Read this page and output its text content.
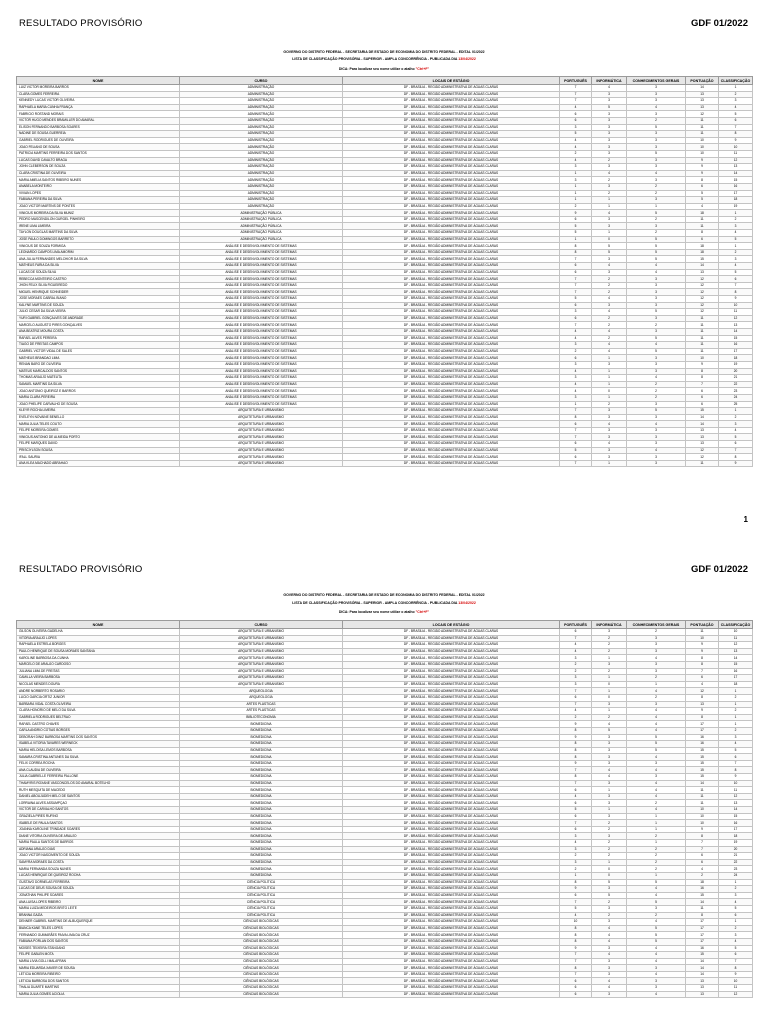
RESULTADO PROVISÓRIO	GDF 01/2022
GOVERNO DO DISTRITO FEDERAL - SECRETARIA DE ESTADO DE ECONOMIA DO DISTRITO FEDERAL - EDITAL 01/2022
LISTA DE CLASSIFICAÇÃO PROVISÓRIA - SUPERIOR - AMPLA CONCORRÊNCIA - PUBLICADA DIA 13/04/2022
DICA: Para localizar seu nome utilize o atalho "Ctrl+F"
NOME	CURSO	LOCAIS DE ESTÁGIO	PORTUGUÊS	INFORMÁTICA	CONHECIMENTOS GERAIS	PONTUAÇÃO	CLASSIFICAÇÃO
LUIZ VICTOR MOREIRA BARROS	ADMINISTRAÇÃO	DF - BRASÍLIA - REGIÃO ADMINISTRATIVA DE ÁGUAS CLARAS	7	4	3	14	1
CLARA GOMES FERREIRA	ADMINISTRAÇÃO	DF - BRASÍLIA - REGIÃO ADMINISTRATIVA DE ÁGUAS CLARAS	7	3	3	13	2
KENNEDY LUCAS VICTOR OLIVEIRA	ADMINISTRAÇÃO	DF - BRASÍLIA - REGIÃO ADMINISTRATIVA DE ÁGUAS CLARAS	7	3	3	13	3
RAPHAELA MARIA CUNHA FRANÇA	ADMINISTRAÇÃO	DF - BRASÍLIA - REGIÃO ADMINISTRATIVA DE ÁGUAS CLARAS	4	5	4	13	4
FABRICIO ROSTAND MORAIS	ADMINISTRAÇÃO	DF - BRASÍLIA - REGIÃO ADMINISTRATIVA DE ÁGUAS CLARAS	6	3	3	12	5
VICTOR HUGO MENDES BRAMILLER DO AMARAL	ADMINISTRAÇÃO	DF - BRASÍLIA - REGIÃO ADMINISTRATIVA DE ÁGUAS CLARAS	6	3	2	11	6
ELISON FERNANDO BARBOSA SOARES	ADMINISTRAÇÃO	DF - BRASÍLIA - REGIÃO ADMINISTRATIVA DE ÁGUAS CLARAS	3	3	5	11	7
NADINE DE SOUSA GUERREIA	ADMINISTRAÇÃO	DF - BRASÍLIA - REGIÃO ADMINISTRATIVA DE ÁGUAS CLARAS	5	3	3	11	8
GABRIEL RODRIGUES DE OLIVEIRA	ADMINISTRAÇÃO	DF - BRASÍLIA - REGIÃO ADMINISTRATIVA DE ÁGUAS CLARAS	4	3	3	10	9
JOAO FELIANO DE SOUSA	ADMINISTRAÇÃO	DF - BRASÍLIA - REGIÃO ADMINISTRATIVA DE ÁGUAS CLARAS	4	3	3	10	10
PATRICIA MARTINS FERREIRA DOS SANTOS	ADMINISTRAÇÃO	DF - BRASÍLIA - REGIÃO ADMINISTRATIVA DE ÁGUAS CLARAS	2	3	5	10	11
LUCAS DAVID CAVALTO BRAGA	ADMINISTRAÇÃO	DF - BRASÍLIA - REGIÃO ADMINISTRATIVA DE ÁGUAS CLARAS	4	2	3	9	12
JOHN CLEBERSON DE SOUZA	ADMINISTRAÇÃO	DF - BRASÍLIA - REGIÃO ADMINISTRATIVA DE ÁGUAS CLARAS	3	3	3	9	13
CLARA CRISTINA DE OLIVEIRA	ADMINISTRAÇÃO	DF - BRASÍLIA - REGIÃO ADMINISTRATIVA DE ÁGUAS CLARAS	1	4	4	9	14
MARIA AMELIA SANTOS RIBEIRO NUNES	ADMINISTRAÇÃO	DF - BRASÍLIA - REGIÃO ADMINISTRATIVA DE ÁGUAS CLARAS	3	2	3	8	15
ANABELA MONTEIRO	ADMINISTRAÇÃO	DF - BRASÍLIA - REGIÃO ADMINISTRATIVA DE ÁGUAS CLARAS	1	3	2	6	16
VIVIAN LOPES	ADMINISTRAÇÃO	DF - BRASÍLIA - REGIÃO ADMINISTRATIVA DE ÁGUAS CLARAS	1	2	2	5	17
FABIANA PEREIRA DA SILVA	ADMINISTRAÇÃO	DF - BRASÍLIA - REGIÃO ADMINISTRATIVA DE ÁGUAS CLARAS	1	1	3	5	18
JOAO VICTOR MARTINS DE PONTES	ADMINISTRAÇÃO	DF - BRASÍLIA - REGIÃO ADMINISTRATIVA DE ÁGUAS CLARAS	2	1	1	4	19
VINICIUS MOREIRA DA SILVA MUNIZ	ADMINISTRAÇÃO PÚBLICA	DF - BRASÍLIA - REGIÃO ADMINISTRATIVA DE ÁGUAS CLARAS	9	4	5	18	1
PEDRO MASCENDILON GURGEL PINHEIRO	ADMINISTRAÇÃO PÚBLICA	DF - BRASÍLIA - REGIÃO ADMINISTRATIVA DE ÁGUAS CLARAS	6	3	2	11	2
IRENE LIMA LIMEIRA	ADMINISTRAÇÃO PÚBLICA	DF - BRASÍLIA - REGIÃO ADMINISTRATIVA DE ÁGUAS CLARAS	5	3	3	11	3
TAYLON DOUGLAS MARTINS DA SILVA	ADMINISTRAÇÃO PÚBLICA	DF - BRASÍLIA - REGIÃO ADMINISTRATIVA DE ÁGUAS CLARAS	5	1	2	8	4
JOSE PAULO DOMINGOS BARRETO	ADMINISTRAÇÃO PÚBLICA	DF - BRASÍLIA - REGIÃO ADMINISTRATIVA DE ÁGUAS CLARAS	1	0	5	6	5
VINICIUS DE SOUZA FORMIGA	ANÁLISE E DESENVOLVIMENTO DE SISTEMAS	DF - BRASÍLIA - REGIÃO ADMINISTRATIVA DE ÁGUAS CLARAS	8	5	5	18	1
LEONARDO CAMPOS LIMA AMORIM	ANÁLISE E DESENVOLVIMENTO DE SISTEMAS	DF - BRASÍLIA - REGIÃO ADMINISTRATIVA DE ÁGUAS CLARAS	8	5	5	18	2
ANA JULIA FERNANDES MELCHIOR DA SILVA	ANÁLISE E DESENVOLVIMENTO DE SISTEMAS	DF - BRASÍLIA - REGIÃO ADMINISTRATIVA DE ÁGUAS CLARAS	7	3	5	15	3
MATHEUS FARIA DA SILVA	ANÁLISE E DESENVOLVIMENTO DE SISTEMAS	DF - BRASÍLIA - REGIÃO ADMINISTRATIVA DE ÁGUAS CLARAS	6	4	4	14	4
LUCAS DE SOUZA SILVA	ANÁLISE E DESENVOLVIMENTO DE SISTEMAS	DF - BRASÍLIA - REGIÃO ADMINISTRATIVA DE ÁGUAS CLARAS	6	3	4	13	5
REBECCA MONTEIRO CASTRO	ANÁLISE E DESENVOLVIMENTO DE SISTEMAS	DF - BRASÍLIA - REGIÃO ADMINISTRATIVA DE ÁGUAS CLARAS	7	2	3	12	6
JHON FELIX SILVA FIGUEIREDO	ANÁLISE E DESENVOLVIMENTO DE SISTEMAS	DF - BRASÍLIA - REGIÃO ADMINISTRATIVA DE ÁGUAS CLARAS	7	2	3	12	7
MIGUEL HENRIQUE SCHNEIDER	ANÁLISE E DESENVOLVIMENTO DE SISTEMAS	DF - BRASÍLIA - REGIÃO ADMINISTRATIVA DE ÁGUAS CLARAS	7	2	3	12	8
JOSE MORAES CABRAL BIANO	ANÁLISE E DESENVOLVIMENTO DE SISTEMAS	DF - BRASÍLIA - REGIÃO ADMINISTRATIVA DE ÁGUAS CLARAS	5	4	3	12	9
KALYNE MARTINS DE SOUZA	ANÁLISE E DESENVOLVIMENTO DE SISTEMAS	DF - BRASÍLIA - REGIÃO ADMINISTRATIVA DE ÁGUAS CLARAS	6	3	3	12	10
JULIO CESAR DA SILVA VIEIRA	ANÁLISE E DESENVOLVIMENTO DE SISTEMAS	DF - BRASÍLIA - REGIÃO ADMINISTRATIVA DE ÁGUAS CLARAS	3	4	5	12	11
YURI GABRIEL GONÇALVES DE ANDRADE	ANÁLISE E DESENVOLVIMENTO DE SISTEMAS	DF - BRASÍLIA - REGIÃO ADMINISTRATIVA DE ÁGUAS CLARAS	6	2	3	11	12
MARCELO AUGUSTO PIRES GONÇALVES	ANÁLISE E DESENVOLVIMENTO DE SISTEMAS	DF - BRASÍLIA - REGIÃO ADMINISTRATIVA DE ÁGUAS CLARAS	7	2	2	11	13
ANA BEATRIZ MOURA COSTA	ANÁLISE E DESENVOLVIMENTO DE SISTEMAS	DF - BRASÍLIA - REGIÃO ADMINISTRATIVA DE ÁGUAS CLARAS	4	4	3	11	14
RAFAEL ALVES PEREIRA	ANÁLISE E DESENVOLVIMENTO DE SISTEMAS	DF - BRASÍLIA - REGIÃO ADMINISTRATIVA DE ÁGUAS CLARAS	4	2	5	11	15
TIAGO DE FREITAS CAMPOS	ANÁLISE E DESENVOLVIMENTO DE SISTEMAS	DF - BRASÍLIA - REGIÃO ADMINISTRATIVA DE ÁGUAS CLARAS	3	4	4	11	16
GABRIEL VICTOR VIDAL DE SALES	ANÁLISE E DESENVOLVIMENTO DE SISTEMAS	DF - BRASÍLIA - REGIÃO ADMINISTRATIVA DE ÁGUAS CLARAS	2	4	5	11	17
MATHEUS BRANDAO LIMA	ANÁLISE E DESENVOLVIMENTO DE SISTEMAS	DF - BRASÍLIA - REGIÃO ADMINISTRATIVA DE ÁGUAS CLARAS	6	1	3	10	18
RENAN BARO DE OLIVEIRA	ANÁLISE E DESENVOLVIMENTO DE SISTEMAS	DF - BRASÍLIA - REGIÃO ADMINISTRATIVA DE ÁGUAS CLARAS	3	3	3	9	19
MATEUS MARCALDOS SANTOS	ANÁLISE E DESENVOLVIMENTO DE SISTEMAS	DF - BRASÍLIA - REGIÃO ADMINISTRATIVA DE ÁGUAS CLARAS	4	1	3	8	20
THOMAS ARAÚJO MATEUTA	ANÁLISE E DESENVOLVIMENTO DE SISTEMAS	DF - BRASÍLIA - REGIÃO ADMINISTRATIVA DE ÁGUAS CLARAS	3	1	4	8	21
SAMUEL MARTINS DA SILVA	ANÁLISE E DESENVOLVIMENTO DE SISTEMAS	DF - BRASÍLIA - REGIÃO ADMINISTRATIVA DE ÁGUAS CLARAS	4	1	2	7	22
JOAO ANTONIO QUEIROZ E BARROS	ANÁLISE E DESENVOLVIMENTO DE SISTEMAS	DF - BRASÍLIA - REGIÃO ADMINISTRATIVA DE ÁGUAS CLARAS	4	0	2	6	23
MARIA CLARA PEREIRA	ANÁLISE E DESENVOLVIMENTO DE SISTEMAS	DF - BRASÍLIA - REGIÃO ADMINISTRATIVA DE ÁGUAS CLARAS	3	1	2	6	24
JOAO PHELIPE CARVALHO DE SOUSA	ANÁLISE E DESENVOLVIMENTO DE SISTEMAS	DF - BRASÍLIA - REGIÃO ADMINISTRATIVA DE ÁGUAS CLARAS	1	2	3	6	25
KLEYR ROCHA LIMEIRA	ARQUITETURA E URBANISMO	DF - BRASÍLIA - REGIÃO ADMINISTRATIVA DE ÁGUAS CLARAS	7	3	5	15	1
EVELEYN NOVAINE BENELLO	ARQUITETURA E URBANISMO	DF - BRASÍLIA - REGIÃO ADMINISTRATIVA DE ÁGUAS CLARAS	8	3	3	14	2
MARIA JULIA TELES COUTO	ARQUITETURA E URBANISMO	DF - BRASÍLIA - REGIÃO ADMINISTRATIVA DE ÁGUAS CLARAS	6	4	4	14	3
FELIPE MOREIRA GOMES	ARQUITETURA E URBANISMO	DF - BRASÍLIA - REGIÃO ADMINISTRATIVA DE ÁGUAS CLARAS	7	3	3	13	4
VINICIUS ANTONIO DE ALMEIDA PORTO	ARQUITETURA E URBANISMO	DF - BRASÍLIA - REGIÃO ADMINISTRATIVA DE ÁGUAS CLARAS	7	3	3	13	5
FELIPE MARQUES DAVID	ARQUITETURA E URBANISMO	DF - BRASÍLIA - REGIÃO ADMINISTRATIVA DE ÁGUAS CLARAS	6	4	3	13	6
PRISCIYLSON SOUSA	ARQUITETURA E URBANISMO	DF - BRASÍLIA - REGIÃO ADMINISTRATIVA DE ÁGUAS CLARAS	5	3	4	12	7
IFALL SAURIA	ARQUITETURA E URBANISMO	DF - BRASÍLIA - REGIÃO ADMINISTRATIVA DE ÁGUAS CLARAS	6	3	3	12	8
ANA KLEA MACHADO ABRAHAO	ARQUITETURA E URBANISMO	DF - BRASÍLIA - REGIÃO ADMINISTRATIVA DE ÁGUAS CLARAS	7	1	3	11	9
1
RESULTADO PROVISÓRIO	GDF 01/2022
GOVERNO DO DISTRITO FEDERAL - SECRETARIA DE ESTADO DE ECONOMIA DO DISTRITO FEDERAL - EDITAL 01/2022
LISTA DE CLASSIFICAÇÃO PROVISÓRIA - SUPERIOR - AMPLA CONCORRÊNCIA - PUBLICADA DIA 13/04/2022
DICA: Para localizar seu nome utilize o atalho "Ctrl+F"
NOME	CURSO	LOCAIS DE ESTÁGIO	PORTUGUÊS	INFORMÁTICA	CONHECIMENTOS GERAIS	PONTUAÇÃO	CLASSIFICAÇÃO
GILSON OLIVEIRA GADELHA	ARQUITETURA E URBANISMO	DF - BRASÍLIA - REGIÃO ADMINISTRATIVA DE ÁGUAS CLARAS	6	3	2	11	10
VITORIA ARAUJO LOPES	ARQUITETURA E URBANISMO	DF - BRASÍLIA - REGIÃO ADMINISTRATIVA DE ÁGUAS CLARAS	7	2	3	10	11
RAPHAELA ESTRELA BORGES	ARQUITETURA E URBANISMO	DF - BRASÍLIA - REGIÃO ADMINISTRATIVA DE ÁGUAS CLARAS	4	2	3	9	12
PAULO HENRIQUE DE SOUSA MORAES SANTANA	ARQUITETURA E URBANISMO	DF - BRASÍLIA - REGIÃO ADMINISTRATIVA DE ÁGUAS CLARAS	4	2	3	9	13
KAROLINE BARBOSA DA CUNHA	ARQUITETURA E URBANISMO	DF - BRASÍLIA - REGIÃO ADMINISTRATIVA DE ÁGUAS CLARAS	3	1	4	8	14
MARCELO DE ARAUJO CARDOSO	ARQUITETURA E URBANISMO	DF - BRASÍLIA - REGIÃO ADMINISTRATIVA DE ÁGUAS CLARAS	2	3	3	8	15
JULIANA LIMA DE FREITAS	ARQUITETURA E URBANISMO	DF - BRASÍLIA - REGIÃO ADMINISTRATIVA DE ÁGUAS CLARAS	2	2	3	7	16
CAMILLA VIEIRA BARBOSA	ARQUITETURA E URBANISMO	DF - BRASÍLIA - REGIÃO ADMINISTRATIVA DE ÁGUAS CLARAS	3	1	2	6	17
NICOLAS MENDES DOURA	ARQUITETURA E URBANISMO	DF - BRASÍLIA - REGIÃO ADMINISTRATIVA DE ÁGUAS CLARAS	3	0	1	4	18
ANDRE NORBERTO ROSARIO	ARQUEOLOGIA	DF - BRASÍLIA - REGIÃO ADMINISTRATIVA DE ÁGUAS CLARAS	7	1	4	12	1
LUCIO GARCIA ORTIZ JUNIOR	ARQUEOLOGIA	DF - BRASÍLIA - REGIÃO ADMINISTRATIVA DE ÁGUAS CLARAS	6	0	2	8	2
BARBARA VIDAL COSTA OLIVEIRA	ARTES PLÁSTICAS	DF - BRASÍLIA - REGIÃO ADMINISTRATIVA DE ÁGUAS CLARAS	7	3	3	13	1
CLARA HONORIO DE MELO DA SILVA	ARTES PLÁSTICAS	DF - BRASÍLIA - REGIÃO ADMINISTRATIVA DE ÁGUAS CLARAS	4	1	4	9	2
GABRIELA RODRIGUES BELTRAO	BIBLIOTECONOMIA	DF - BRASÍLIA - REGIÃO ADMINISTRATIVA DE ÁGUAS CLARAS	2	2	4	8	1
RAFAEL CASTRO CHAVES	BIOMEDICINA	DF - BRASÍLIA - REGIÃO ADMINISTRATIVA DE ÁGUAS CLARAS	9	4	4	17	1
CARLA ANDRIO COTIAS BORGES	BIOMEDICINA	DF - BRASÍLIA - REGIÃO ADMINISTRATIVA DE ÁGUAS CLARAS	8	5	4	17	2
DEBORAH DINIZ BARBOSA MARTINS DOS SANTOS	BIOMEDICINA	DF - BRASÍLIA - REGIÃO ADMINISTRATIVA DE ÁGUAS CLARAS	9	3	5	16	3
ISABELA VITORIA TAVARES WERNECK	BIOMEDICINA	DF - BRASÍLIA - REGIÃO ADMINISTRATIVA DE ÁGUAS CLARAS	8	3	5	16	4
MARIA HELOISA LEMOS BARBOSA	BIOMEDICINA	DF - BRASÍLIA - REGIÃO ADMINISTRATIVA DE ÁGUAS CLARAS	8	3	5	15	5
SAMARA CRISTINA ANTUNES DA SILVA	BIOMEDICINA	DF - BRASÍLIA - REGIÃO ADMINISTRATIVA DE ÁGUAS CLARAS	8	3	4	15	6
FELIX CORREA ROCHA	BIOMEDICINA	DF - BRASÍLIA - REGIÃO ADMINISTRATIVA DE ÁGUAS CLARAS	9	3	3	15	7
ANA CLAUDIA DE OLIVEIRA	BIOMEDICINA	DF - BRASÍLIA - REGIÃO ADMINISTRATIVA DE ÁGUAS CLARAS	7	4	4	15	8
JULIA GABRIELLE FERREIRA PALLONE	BIOMEDICINA	DF - BRASÍLIA - REGIÃO ADMINISTRATIVA DE ÁGUAS CLARAS	8	4	3	15	9
THAMYRIS ROXANE VASCONCELOS DO AMARAL BOTELHO	BIOMEDICINA	DF - BRASÍLIA - REGIÃO ADMINISTRATIVA DE ÁGUAS CLARAS	7	3	4	14	10
RUTH MESQUITA DE MACEDO	BIOMEDICINA	DF - BRASÍLIA - REGIÃO ADMINISTRATIVA DE ÁGUAS CLARAS	6	1	4	11	11
DANIEL ABOUJUDEH MELO DE SANTOS	BIOMEDICINA	DF - BRASÍLIA - REGIÃO ADMINISTRATIVA DE ÁGUAS CLARAS	4	3	4	11	12
LORRAINA ALVES ASSUMPÇAO	BIOMEDICINA	DF - BRASÍLIA - REGIÃO ADMINISTRATIVA DE ÁGUAS CLARAS	6	3	2	11	13
VICTOR DE CARVALHO SANTOS	BIOMEDICINA	DF - BRASÍLIA - REGIÃO ADMINISTRATIVA DE ÁGUAS CLARAS	5	1	4	10	14
GRAZIELA PIRES RUFINO	BIOMEDICINA	DF - BRASÍLIA - REGIÃO ADMINISTRATIVA DE ÁGUAS CLARAS	6	3	1	10	15
ISABELE DE PAULA SANTOS	BIOMEDICINA	DF - BRASÍLIA - REGIÃO ADMINISTRATIVA DE ÁGUAS CLARAS	7	2	1	10	16
JOANNA KAROLINE TRINDADE SOARES	BIOMEDICINA	DF - BRASÍLIA - REGIÃO ADMINISTRATIVA DE ÁGUAS CLARAS	6	2	1	9	17
DIANE VITORIA OLIVEIRA DE ARAUJO	BIOMEDICINA	DF - BRASÍLIA - REGIÃO ADMINISTRATIVA DE ÁGUAS CLARAS	3	3	2	8	18
MARIA PAULA SANTOS DE BARROS	BIOMEDICINA	DF - BRASÍLIA - REGIÃO ADMINISTRATIVA DE ÁGUAS CLARAS	4	2	1	7	19
ADRIANA ARAUJO DIAS	BIOMEDICINA	DF - BRASÍLIA - REGIÃO ADMINISTRATIVA DE ÁGUAS CLARAS	3	2	2	7	20
JOAO VICTOR NASCIMENTO DE SOUZA	BIOMEDICINA	DF - BRASÍLIA - REGIÃO ADMINISTRATIVA DE ÁGUAS CLARAS	2	2	2	6	21
SAMYRA MORAES DA COSTA	BIOMEDICINA	DF - BRASÍLIA - REGIÃO ADMINISTRATIVA DE ÁGUAS CLARAS	3	1	2	6	22
MARIA FERNANDA SOUZA NUNES	BIOMEDICINA	DF - BRASÍLIA - REGIÃO ADMINISTRATIVA DE ÁGUAS CLARAS	2	0	2	4	23
LUCAS HENRIQUE DE QUEIROZ ROCHA	BIOMEDICINA	DF - BRASÍLIA - REGIÃO ADMINISTRATIVA DE ÁGUAS CLARAS	1	0	1	2	24
GUSTAVO DORNELAS FERREIRA	CIÊNCIA POLÍTICA	DF - BRASÍLIA - REGIÃO ADMINISTRATIVA DE ÁGUAS CLARAS	8	5	5	18	1
LUCAS DE DEUS SOUSA DE SOUZA	CIÊNCIA POLÍTICA	DF - BRASÍLIA - REGIÃO ADMINISTRATIVA DE ÁGUAS CLARAS	9	3	4	16	2
JONATHAN PHILIPE SOARES	CIÊNCIA POLÍTICA	DF - BRASÍLIA - REGIÃO ADMINISTRATIVA DE ÁGUAS CLARAS	6	5	4	15	3
ANA LUISA LOPES RIBEIRO	CIÊNCIA POLÍTICA	DF - BRASÍLIA - REGIÃO ADMINISTRATIVA DE ÁGUAS CLARAS	7	2	5	14	4
MARIA LUIZA MEDEIROS BRITO LEITE	CIÊNCIA POLÍTICA	DF - BRASÍLIA - REGIÃO ADMINISTRATIVA DE ÁGUAS CLARAS	5	3	3	11	5
BRANNA GAZIA	CIÊNCIA POLÍTICA	DF - BRASÍLIA - REGIÃO ADMINISTRATIVA DE ÁGUAS CLARAS	4	2	2	8	6
DENNER GABRIEL MARTINS DE ALBUQUERQUE	CIÊNCIAS BIOLÓGICAS	DF - BRASÍLIA - REGIÃO ADMINISTRATIVA DE ÁGUAS CLARAS	10	3	4	17	1
BIANCA KANE TELES LOPES	CIÊNCIAS BIOLÓGICAS	DF - BRASÍLIA - REGIÃO ADMINISTRATIVA DE ÁGUAS CLARAS	8	4	5	17	2
FERNANDO GUIMARÃES PAIVA LIMA DA CRUZ	CIÊNCIAS BIOLÓGICAS	DF - BRASÍLIA - REGIÃO ADMINISTRATIVA DE ÁGUAS CLARAS	8	4	5	17	3
FABIANA PORLAN DOS SANTOS	CIÊNCIAS BIOLÓGICAS	DF - BRASÍLIA - REGIÃO ADMINISTRATIVA DE ÁGUAS CLARAS	8	4	5	17	4
MOISES TEIXEIRA STANGANO	CIÊNCIAS BIOLÓGICAS	DF - BRASÍLIA - REGIÃO ADMINISTRATIVA DE ÁGUAS CLARAS	9	3	4	16	5
FELIPE GABLEN MOTA	CIÊNCIAS BIOLÓGICAS	DF - BRASÍLIA - REGIÃO ADMINISTRATIVA DE ÁGUAS CLARAS	7	4	4	15	6
MARIA LIVIA GOLLI MALAFRAN	CIÊNCIAS BIOLÓGICAS	DF - BRASÍLIA - REGIÃO ADMINISTRATIVA DE ÁGUAS CLARAS	7	3	4	14	7
MARIA EDUARDA XAVIER DE SOUSA	CIÊNCIAS BIOLÓGICAS	DF - BRASÍLIA - REGIÃO ADMINISTRATIVA DE ÁGUAS CLARAS	8	3	3	14	8
LETICIA MOREIRA RIBEIRO	CIÊNCIAS BIOLÓGICAS	DF - BRASÍLIA - REGIÃO ADMINISTRATIVA DE ÁGUAS CLARAS	7	3	4	14	9
LETICIA BARBOSA DOS SANTOS	CIÊNCIAS BIOLÓGICAS	DF - BRASÍLIA - REGIÃO ADMINISTRATIVA DE ÁGUAS CLARAS	6	4	3	13	10
THALIA DUARTE MARTINS	CIÊNCIAS BIOLÓGICAS	DF - BRASÍLIA - REGIÃO ADMINISTRATIVA DE ÁGUAS CLARAS	6	4	3	13	11
MARIA JULIA GOMES ACIOLIA	CIÊNCIAS BIOLÓGICAS	DF - BRASÍLIA - REGIÃO ADMINISTRATIVA DE ÁGUAS CLARAS	6	3	4	13	12
